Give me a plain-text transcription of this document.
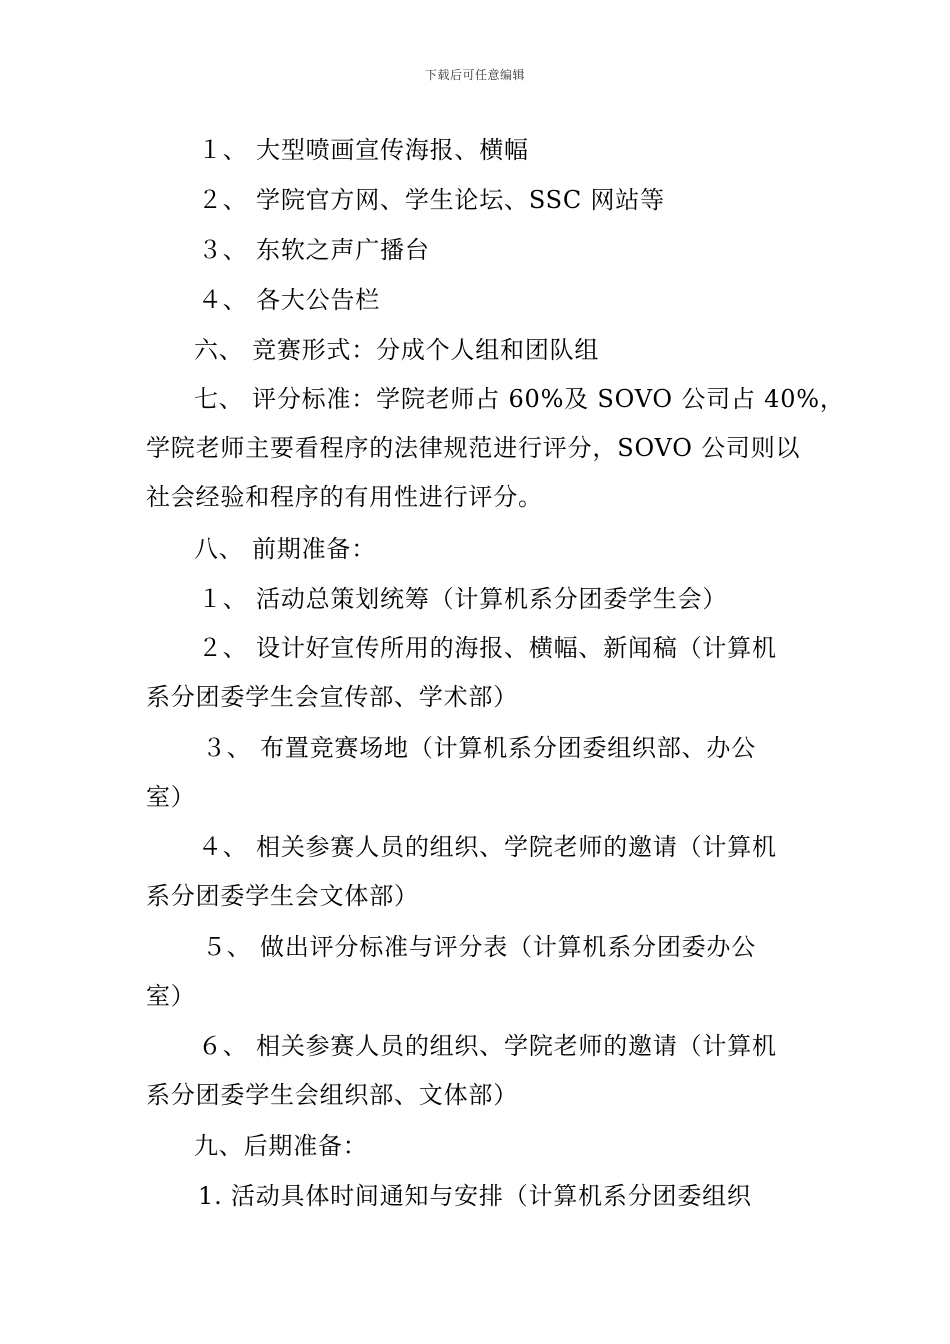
下载后可任意编辑
１、 大型喷画宣传海报、横幅
２、 学院官方网、学生论坛、SSC 网站等
３、 东软之声广播台
４、 各大公告栏
六、 竞赛形式：分成个人组和团队组
七、 评分标准：学院老师占 60%及 SOVO 公司占 40%，
学院老师主要看程序的法律规范进行评分，SOVO 公司则以
社会经验和程序的有用性进行评分。
八、 前期准备：
１、 活动总策划统筹（计算机系分团委学生会）
２、 设计好宣传所用的海报、横幅、新闻稿（计算机
系分团委学生会宣传部、学术部）
３、 布置竞赛场地（计算机系分团委组织部、办公
室）
４、 相关参赛人员的组织、学院老师的邀请（计算机
系分团委学生会文体部）
５、 做出评分标准与评分表（计算机系分团委办公
室）
６、 相关参赛人员的组织、学院老师的邀请（计算机
系分团委学生会组织部、文体部）
九、后期准备：
1. 活动具体时间通知与安排（计算机系分团委组织
